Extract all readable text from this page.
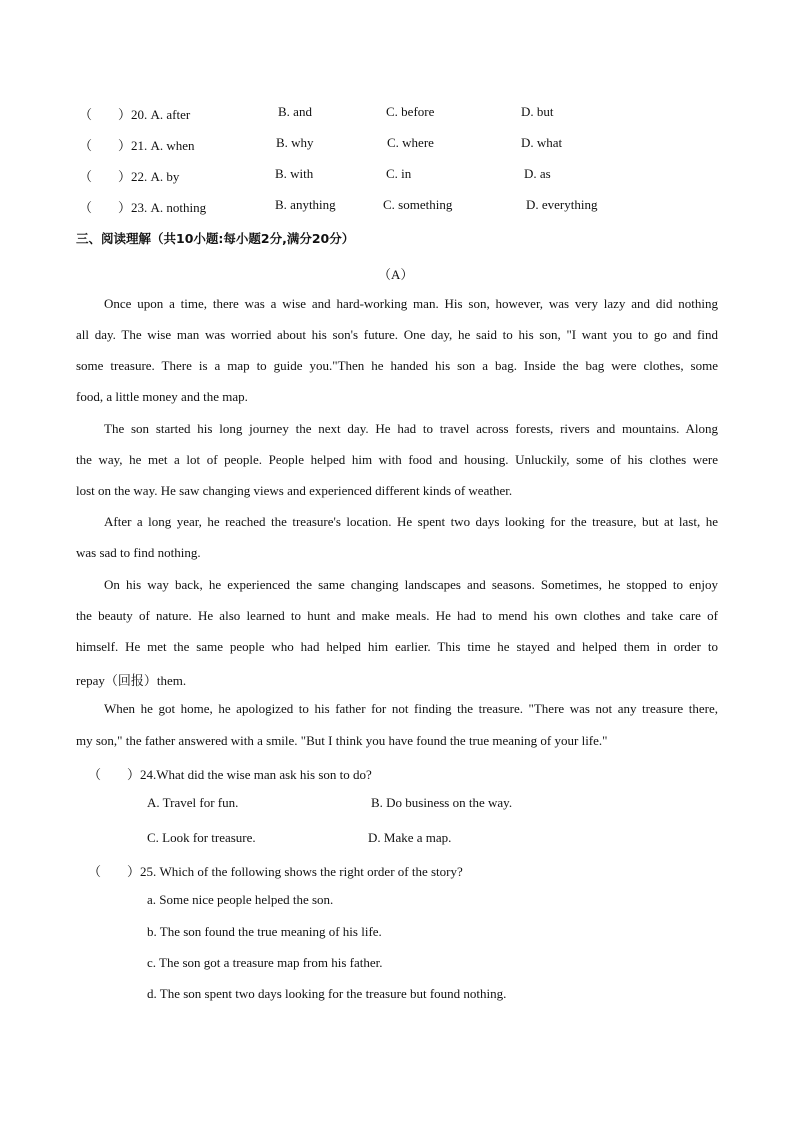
（　　）20. A. after	B. and	C. before	D. but
（　　）21. A. when	B. why	C. where	D. what
（　　）22. A. by	B. with	C. in	D. as
（　　）23. A. nothing	B. anything	C. something	D. everything
三、阅读理解（共10小题:每小题2分,满分20分）
（A）
Once upon a time, there was a wise and hard-working man. His son, however, was very lazy and did nothing
all day. The wise man was worried about his son's future. One day, he said to his son, "I want you to go and find
some treasure. There is a map to guide you."Then he handed his son a bag. Inside the bag were clothes, some
food, a little money and the map.
The son started his long journey the next day. He had to travel across forests, rivers and mountains. Along
the way, he met a lot of people. People helped him with food and housing. Unluckily, some of his clothes were
lost on the way. He saw changing views and experienced different kinds of weather.
After a long year, he reached the treasure's location. He spent two days looking for the treasure, but at last, he
was sad to find nothing.
On his way back, he experienced the same changing landscapes and seasons. Sometimes, he stopped to enjoy
the beauty of nature. He also learned to hunt and make meals. He had to mend his own clothes and take care of
himself. He met the same people who had helped him earlier. This time he stayed and helped them in order to
repay（回报）them.
When he got home, he apologized to his father for not finding the treasure. "There was not any treasure there,
my son," the father answered with a smile. "But I think you have found the true meaning of your life."
（　　）24.What did the wise man ask his son to do?
A. Travel for fun.	B. Do business on the way.
C. Look for treasure.	D. Make a map.
（　　）25. Which of the following shows the right order of the story?
a. Some nice people helped the son.
b. The son found the true meaning of his life.
c. The son got a treasure map from his father.
d. The son spent two days looking for the treasure but found nothing.
